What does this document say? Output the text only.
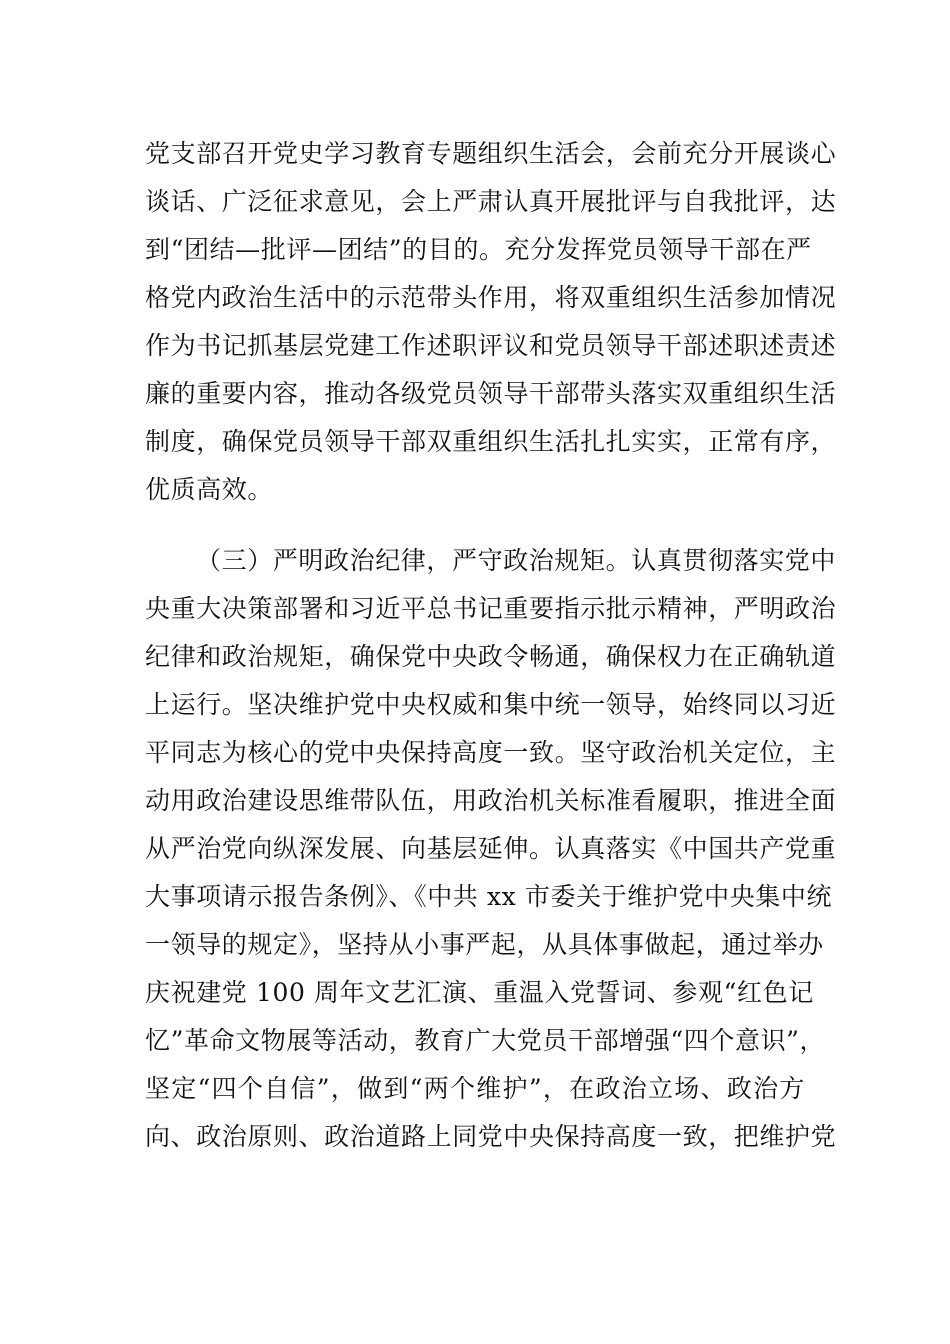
党支部召开党史学习教育专题组织生活会，会前充分开展谈心
谈话、广泛征求意见，会上严肃认真开展批评与自我批评，达
到“团结—批评—团结”的目的。充分发挥党员领导干部在严
格党内政治生活中的示范带头作用，将双重组织生活参加情况
作为书记抓基层党建工作述职评议和党员领导干部述职述责述
廉的重要内容，推动各级党员领导干部带头落实双重组织生活
制度，确保党员领导干部双重组织生活扎扎实实，正常有序，
优质高效。
（三）严明政治纪律，严守政治规矩。认真贯彻落实党中
央重大决策部署和习近平总书记重要指示批示精神，严明政治
纪律和政治规矩，确保党中央政令畅通，确保权力在正确轨道
上运行。坚决维护党中央权威和集中统一领导，始终同以习近
平同志为核心的党中央保持高度一致。坚守政治机关定位，主
动用政治建设思维带队伍，用政治机关标准看履职，推进全面
从严治党向纵深发展、向基层延伸。认真落实《中国共产党重
大事项请示报告条例》、《中共 xx 市委关于维护党中央集中统
一领导的规定》，坚持从小事严起，从具体事做起，通过举办
庆祝建党 100 周年文艺汇演、重温入党誓词、参观“红色记
忆”革命文物展等活动，教育广大党员干部增强“四个意识”，
坚定“四个自信”，做到“两个维护”，在政治立场、政治方
向、政治原则、政治道路上同党中央保持高度一致，把维护党
